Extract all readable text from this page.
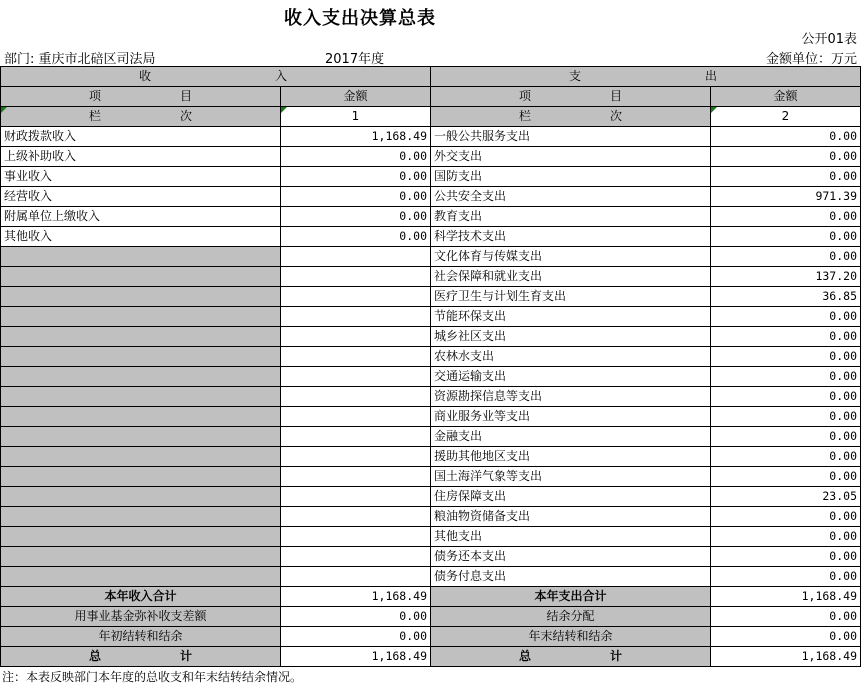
收入支出决算总表
公开01表
部门: 重庆市北碚区司法局	2017年度	金额单位：万元
收 入		支 出	

项 目	金额	项 目	金额

栏 次	1	栏 次	2
财政拨款收入	1,168.49	一般公共服务支出	0.00
上级补助收入	0.00	外交支出	0.00
事业收入	0.00	国防支出	0.00
经营收入	0.00	公共安全支出	971.39
附属单位上缴收入	0.00	教育支出	0.00
其他收入	0.00	科学技术支出	0.00
		文化体育与传媒支出	0.00
		社会保障和就业支出	137.20
		医疗卫生与计划生育支出	36.85
		节能环保支出	0.00
		城乡社区支出	0.00
		农林水支出	0.00
		交通运输支出	0.00
		资源勘探信息等支出	0.00
		商业服务业等支出	0.00
		金融支出	0.00
		援助其他地区支出	0.00
		国土海洋气象等支出	0.00
		住房保障支出	23.05
		粮油物资储备支出	0.00
		其他支出	0.00
		债务还本支出	0.00
		债务付息支出	0.00
本年收入合计	1,168.49	本年支出合计	1,168.49
用事业基金弥补收支差额	0.00	结余分配	0.00
年初结转和结余	0.00	年末结转和结余	0.00

总 计	1,168.49	总 计	1,168.49
注：本表反映部门本年度的总收支和年末结转结余情况。
